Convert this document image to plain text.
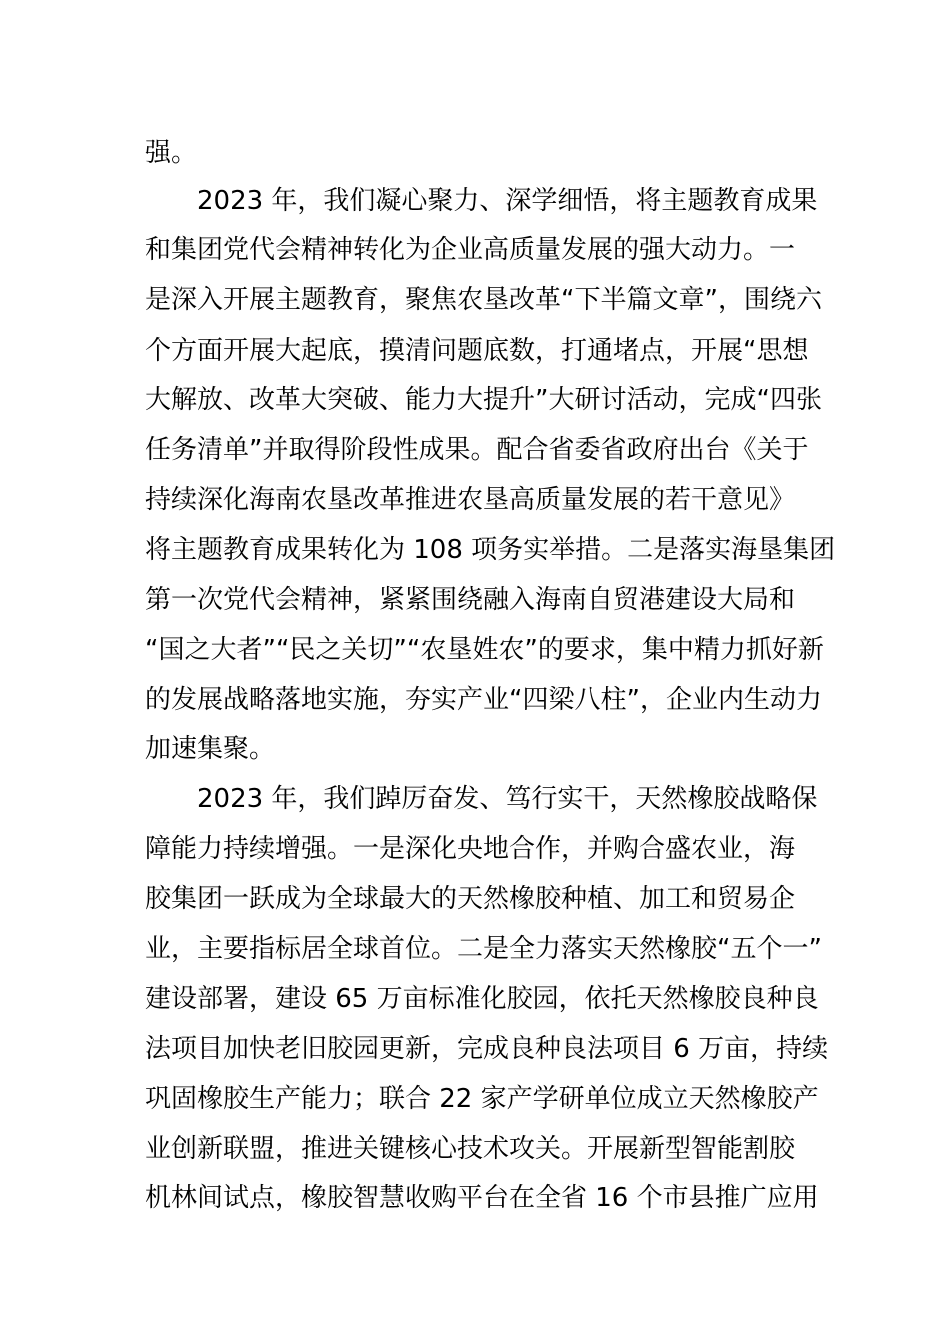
强。
2023 年，我们凝心聚力、深学细悟，将主题教育成果
和集团党代会精神转化为企业高质量发展的强大动力。一
是深入开展主题教育，聚焦农垦改革“下半篇文章”，围绕六
个方面开展大起底，摸清问题底数，打通堵点，开展“思想
大解放、改革大突破、能力大提升”大研讨活动，完成“四张
任务清单”并取得阶段性成果。配合省委省政府出台《关于
持续深化海南农垦改革推进农垦高质量发展的若干意见》
将主题教育成果转化为 108 项务实举措。二是落实海垦集团
第一次党代会精神，紧紧围绕融入海南自贸港建设大局和
“国之大者”“民之关切”“农垦姓农”的要求，集中精力抓好新
的发展战略落地实施，夯实产业“四梁八柱”，企业内生动力
加速集聚。
2023 年，我们踔厉奋发、笃行实干，天然橡胶战略保
障能力持续增强。一是深化央地合作，并购合盛农业，海
胶集团一跃成为全球最大的天然橡胶种植、加工和贸易企
业，主要指标居全球首位。二是全力落实天然橡胶“五个一”
建设部署，建设 65 万亩标准化胶园，依托天然橡胶良种良
法项目加快老旧胶园更新，完成良种良法项目 6 万亩，持续
巩固橡胶生产能力；联合 22 家产学研单位成立天然橡胶产
业创新联盟，推进关键核心技术攻关。开展新型智能割胶
机林间试点，橡胶智慧收购平台在全省 16 个市县推广应用
